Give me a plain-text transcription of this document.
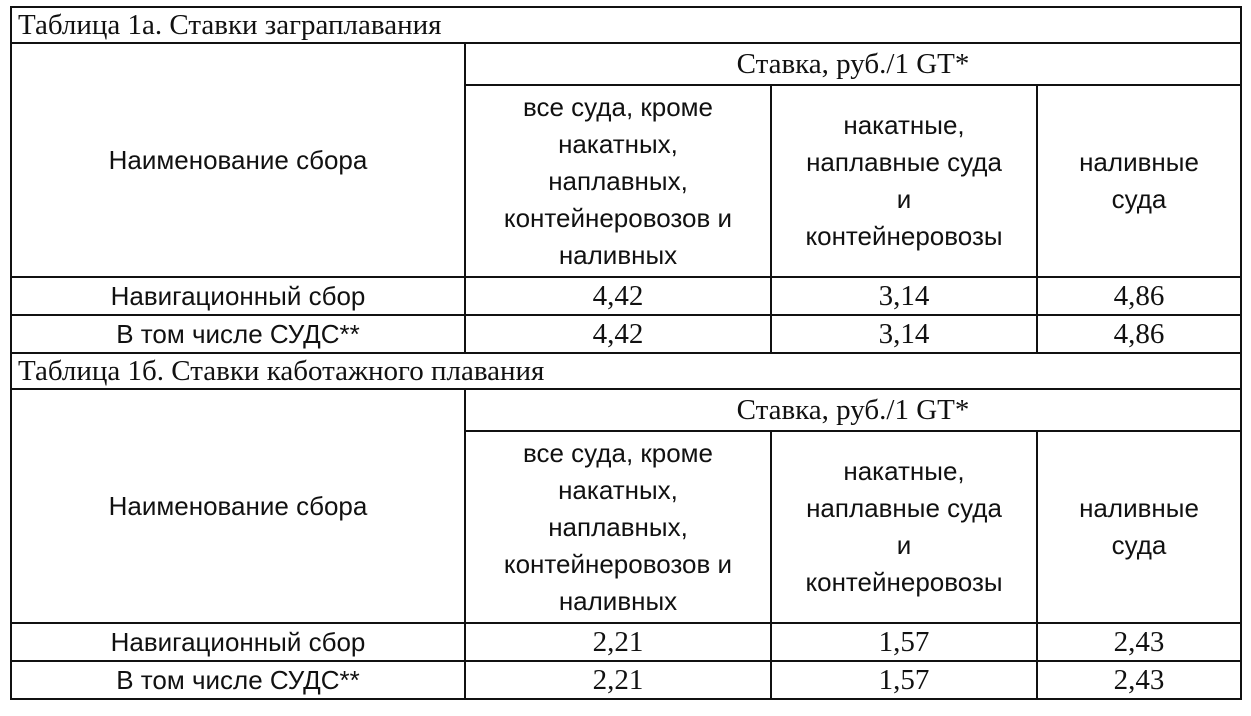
Таблица 1а. Ставки заграплавания			
Наименование сбора	Ставка, руб./1 GT*		

	все суда, кроме
накатных,
наплавных,
контейнеровозов и
наливных	накатные,
наплавные суда
и
контейнеровозы	наливные
суда

Навигационный сбор	4,42	3,14	4,86
В том числе СУДС**	4,42	3,14	4,86
Таблица 1б. Ставки каботажного плавания			
Наименование сбора	Ставка, руб./1 GT*		

	все суда, кроме
накатных,
наплавных,
контейнеровозов и
наливных	накатные,
наплавные суда
и
контейнеровозы	наливные
суда

Навигационный сбор	2,21	1,57	2,43
В том числе СУДС**	2,21	1,57	2,43
